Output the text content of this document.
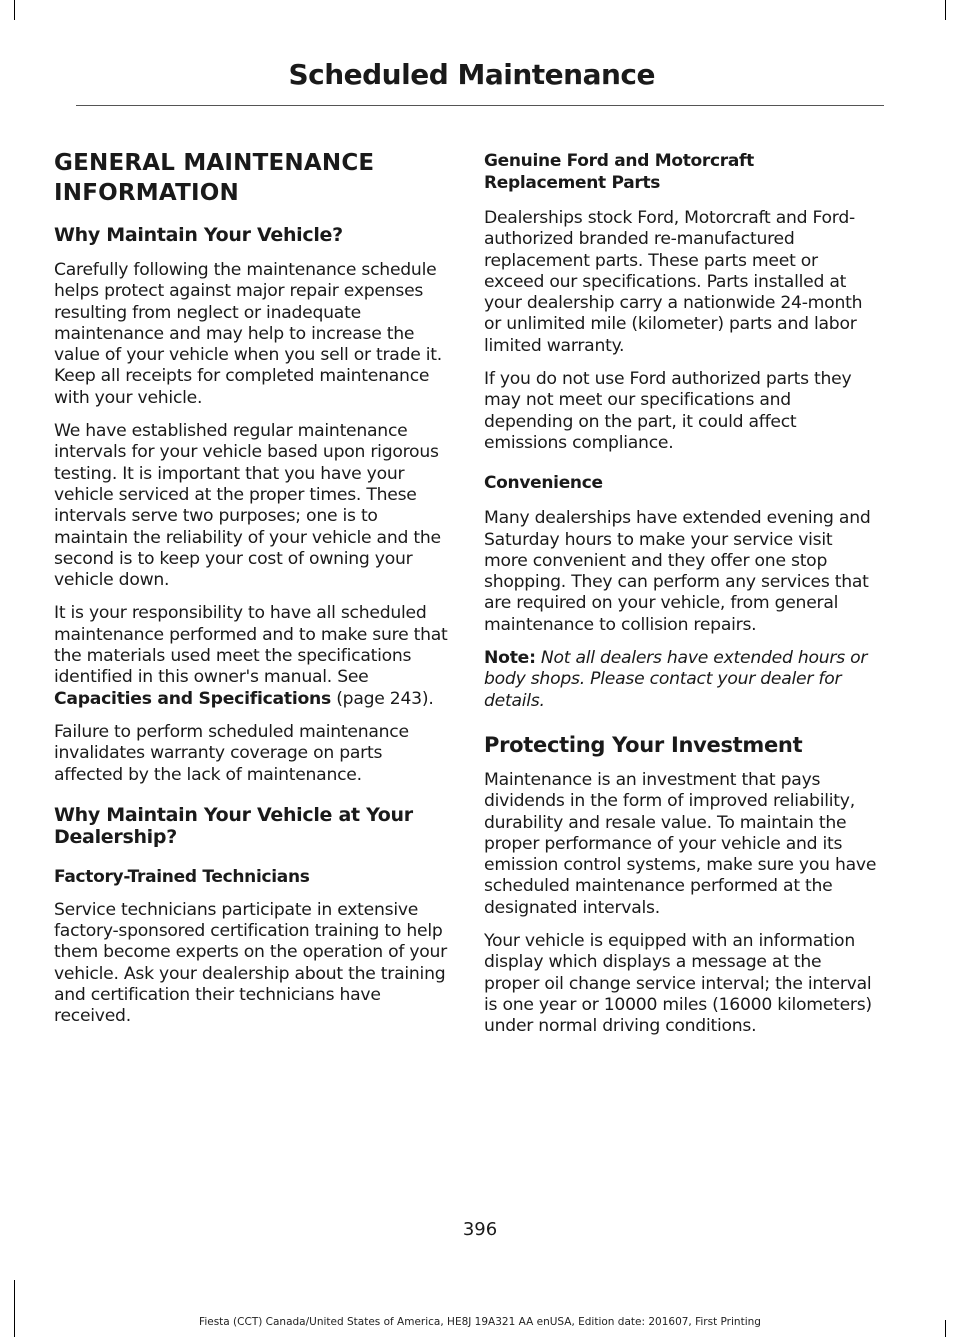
Scheduled Maintenance
GENERAL MAINTENANCE
INFORMATION
Why Maintain Your Vehicle?

Carefully following the maintenance schedule helps protect against major repair expenses resulting from neglect or inadequate maintenance and may help to increase the value of your vehicle when you sell or trade it. Keep all receipts for completed maintenance with your vehicle.

We have established regular maintenance intervals for your vehicle based upon rigorous testing. It is important that you have your vehicle serviced at the proper times. These intervals serve two purposes; one is to maintain the reliability of your vehicle and the second is to keep your cost of owning your vehicle down.

It is your responsibility to have all scheduled maintenance performed and to make sure that the materials used meet the specifications identified in this owner's manual. See Capacities and Specifications (page 243).

Failure to perform scheduled maintenance invalidates warranty coverage on parts affected by the lack of maintenance.

Why Maintain Your Vehicle at Your Dealership?
Factory-Trained Technicians

Service technicians participate in extensive factory-sponsored certification training to help them become experts on the operation of your vehicle. Ask your dealership about the training and certification their technicians have received.

Genuine Ford and Motorcraft Replacement Parts

Dealerships stock Ford, Motorcraft and Ford-authorized branded re-manufactured replacement parts. These parts meet or exceed our specifications. Parts installed at your dealership carry a nationwide 24-month or unlimited mile (kilometer) parts and labor limited warranty.

If you do not use Ford authorized parts they may not meet our specifications and depending on the part, it could affect emissions compliance.

Convenience

Many dealerships have extended evening and Saturday hours to make your service visit more convenient and they offer one stop shopping. They can perform any services that are required on your vehicle, from general maintenance to collision repairs.

Note: Not all dealers have extended hours or body shops. Please contact your dealer for details.

Protecting Your Investment

Maintenance is an investment that pays dividends in the form of improved reliability, durability and resale value. To maintain the proper performance of your vehicle and its emission control systems, make sure you have scheduled maintenance performed at the designated intervals.

Your vehicle is equipped with an information display which displays a message at the proper oil change service interval; the interval is one year or 10000 miles (16000 kilometers) under normal driving conditions.

396
Fiesta (CCT) Canada/United States of America, HE8J 19A321 AA enUSA, Edition date: 201607, First Printing
